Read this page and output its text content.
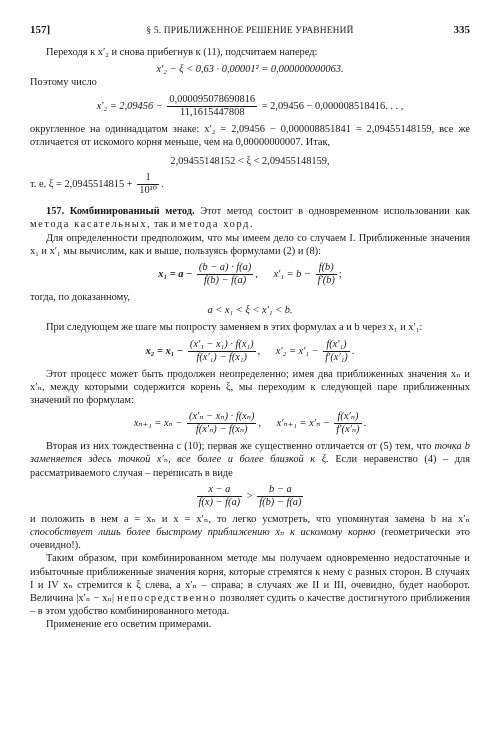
157]	§ 5. ПРИБЛИЖЕННОЕ РЕШЕНИЕ УРАВНЕНИЙ	335

Переходя к x′₂ и снова прибегнув к (11), подсчитаем наперед:

x′₂ − ξ < 0,63 · 0,00001² = 0,000000000063.

Поэтому число

$x'_2 = 2,09456 - \frac{0,000095078690816}{11,1615447808} = 2,09456 - 0,000008518416$. . . ,

округленное на одиннадцатом знаке: x′₂ = 2,09456 − 0,000008851841 = 2,09455148159, все же отличается от искомого корня меньше, чем на 0,00000000007. Итак,

2,09455148152 < ξ < 2,09455148159,

т. е. $\xi = 2,0945514815 + \frac{1}{\text{10¹⁰}}$ .

157. Комбинированный метод. Этот метод состоит в одновременном использовании как метода касательных, так и метода хорд.

Для определенности предположим, что мы имеем дело со случаем I. Приближенные значения x₁ и x′₁ мы вычислим, как и выше, пользуясь формулами (2) и (8):

$x_1 = a - \frac{(b - a) \cdot f(a)}{f(b) - f(a)}$ , $x'_1 = b - \frac{f(b)}{f'(b)}$ ;

тогда, по доказанному,

a < x₁ < ξ < x′₁ < b.

При следующем же шаге мы попросту заменяем в этих формулах a и b через x₁ и x′₁:

$x_2 = x_1 - \frac{\text{(x′₁ − x₁) · f(x₁)}}{\text{f(x′₁) − f(x₁)}}$ , $x'_2 = x'_1 - \frac{\text{f(x′₁)}}{\text{f′(x′₁)}}$ .

Этот процесс может быть продолжен неопределенно; имея два приближенных значения xₙ и x′ₙ, между которыми содержится корень ξ, мы переходим к следующей паре приближенных значений по формулам:

$x_{n+1} = x_n - \frac{\text{(x′ₙ − xₙ) · f(xₙ)}}{\text{f(x′ₙ) − f(xₙ)}}$ , $x'_{n+1} = x'_n - \frac{\text{f(x′ₙ)}}{\text{f′(x′ₙ)}}$ .

Вторая из них тождественна с (10); первая же существенно отличается от (5) тем, что точка b заменяется здесь точкой x′ₙ, все более и более близкой к ξ. Если неравенство (4) – для рассматриваемого случая – переписать в виде

$\frac{x - a}{f(x) - f(a)} > \frac{b - a}{f(b) - f(a)}$

и положить в нем a = xₙ и x = x′ₙ, то легко усмотреть, что упомянутая замена b на x′ₙ способствует лишь более быстрому приближению xₙ к искомому корню (геометрически это очевидно!).

Таким образом, при комбинированном методе мы получаем одновременно недостаточные и избыточные приближенные значения корня, которые стремятся к нему с разных сторон. В случаях I и IV xₙ стремится к ξ слева, а x′ₙ – справа; в случаях же II и III, очевидно, будет наоборот. Величина |x′ₙ − xₙ| непосредственно позволяет судить о качестве достигнутого приближения – в этом удобство комбинированного метода.

Применение его осветим примерами.
